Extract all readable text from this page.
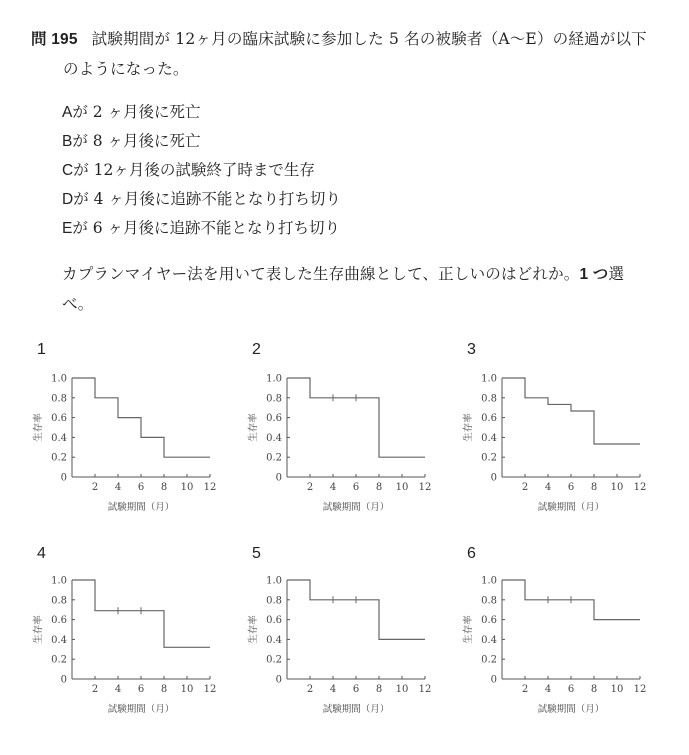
問 195 試験期間が 12ヶ月の臨床試験に参加した 5 名の被験者（A～E）の経過が以下
のようになった。
Aが 2 ヶ月後に死亡
Bが 8 ヶ月後に死亡
Cが 12ヶ月後の試験終了時まで生存
Dが 4 ヶ月後に追跡不能となり打ち切り
Eが 6 ヶ月後に追跡不能となり打ち切り
カプランマイヤー法を用いて表した生存曲線として、正しいのはどれか。1 つ選
べ。
1	2	3
4	5	6
0
0.2
0.4
0.6
0.8
1.0
2 4 6 8 10 12
試験期間（月）
生存率
0
0.2
0.4
0.6
0.8
1.0
2 4 6 8 10 12
試験期間（月）
生存率
0
0.2
0.4
0.6
0.8
1.0
2 4 6 8 10 12
試験期間（月）
生存率
0
0.2
0.4
0.6
0.8
1.0
2 4 6 8 10 12
試験期間（月）
生存率
0
0.2
0.4
0.6
0.8
1.0
2 4 6 8 10 12
試験期間（月）
生存率
0
0.2
0.4
0.6
0.8
1.0
2 4 6 8 10 12
試験期間（月）
生存率
